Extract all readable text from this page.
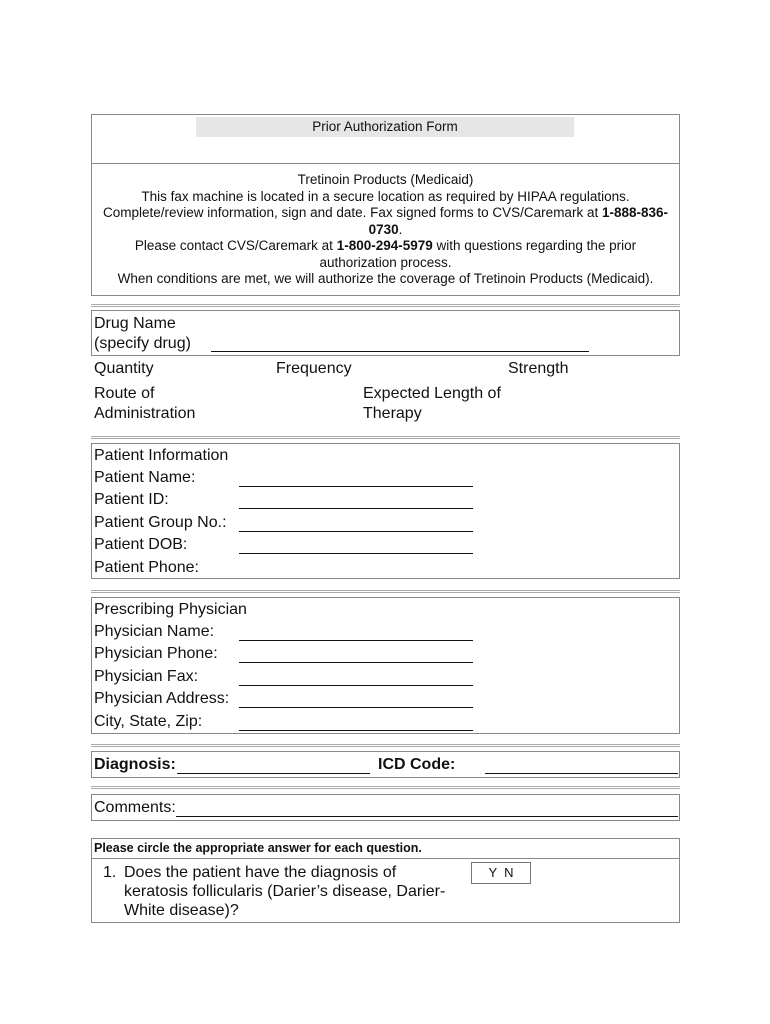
Prior Authorization Form
Tretinoin Products (Medicaid)
This fax machine is located in a secure location as required by HIPAA regulations.
Complete/review information, sign and date. Fax signed forms to CVS/Caremark at 1-888-836-
0730.
Please contact CVS/Caremark at 1-800-294-5979 with questions regarding the prior
authorization process.
When conditions are met, we will authorize the coverage of Tretinoin Products (Medicaid).
Drug Name
(specify drug)
Quantity	Frequency	Strength
Route of
Administration
Expected Length of
Therapy
Patient Information
Patient Name:
Patient ID:
Patient Group No.:
Patient DOB:
Patient Phone:
Prescribing Physician
Physician Name:
Physician Phone:
Physician Fax:
Physician Address:
City, State, Zip:
Diagnosis:	ICD Code:
Comments:
Please circle the appropriate answer for each question.
1. Does the patient have the diagnosis of
keratosis follicularis (Darier’s disease, Darier-
White disease)?
Y  N
